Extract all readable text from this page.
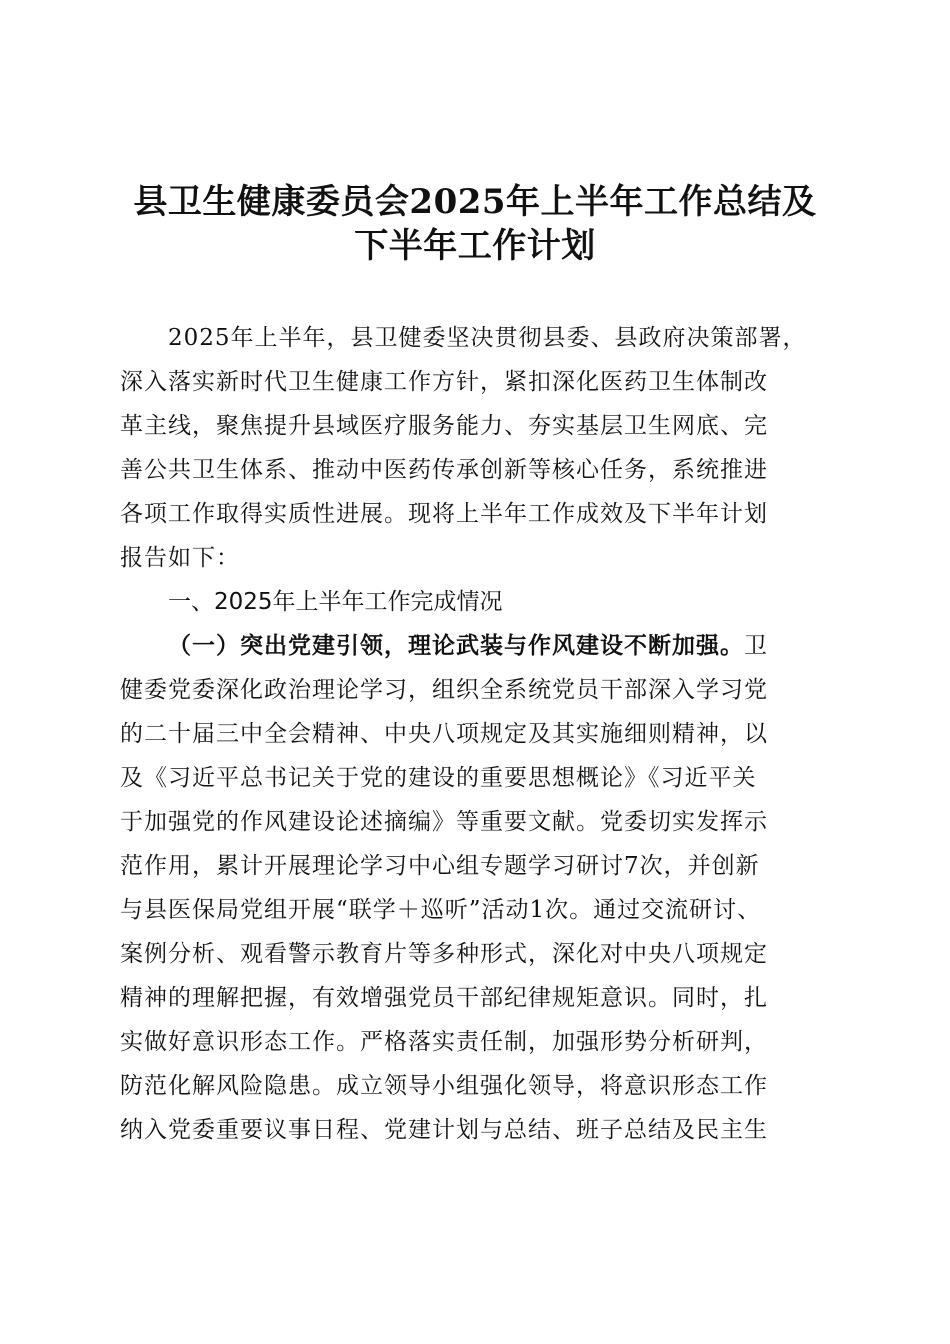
县卫生健康委员会2025年上半年工作总结及
下半年工作计划
2025年上半年，县卫健委坚决贯彻县委、县政府决策部署，
深入落实新时代卫生健康工作方针，紧扣深化医药卫生体制改
革主线，聚焦提升县域医疗服务能力、夯实基层卫生网底、完
善公共卫生体系、推动中医药传承创新等核心任务，系统推进
各项工作取得实质性进展。现将上半年工作成效及下半年计划
报告如下：
一、2025年上半年工作完成情况
（一）突出党建引领，理论武装与作风建设不断加强。卫
健委党委深化政治理论学习，组织全系统党员干部深入学习党
的二十届三中全会精神、中央八项规定及其实施细则精神，以
及《习近平总书记关于党的建设的重要思想概论》《习近平关
于加强党的作风建设论述摘编》等重要文献。党委切实发挥示
范作用，累计开展理论学习中心组专题学习研讨7次，并创新
与县医保局党组开展“联学＋巡听”活动1次。通过交流研讨、
案例分析、观看警示教育片等多种形式，深化对中央八项规定
精神的理解把握，有效增强党员干部纪律规矩意识。同时，扎
实做好意识形态工作。严格落实责任制，加强形势分析研判，
防范化解风险隐患。成立领导小组强化领导，将意识形态工作
纳入党委重要议事日程、党建计划与总结、班子总结及民主生
